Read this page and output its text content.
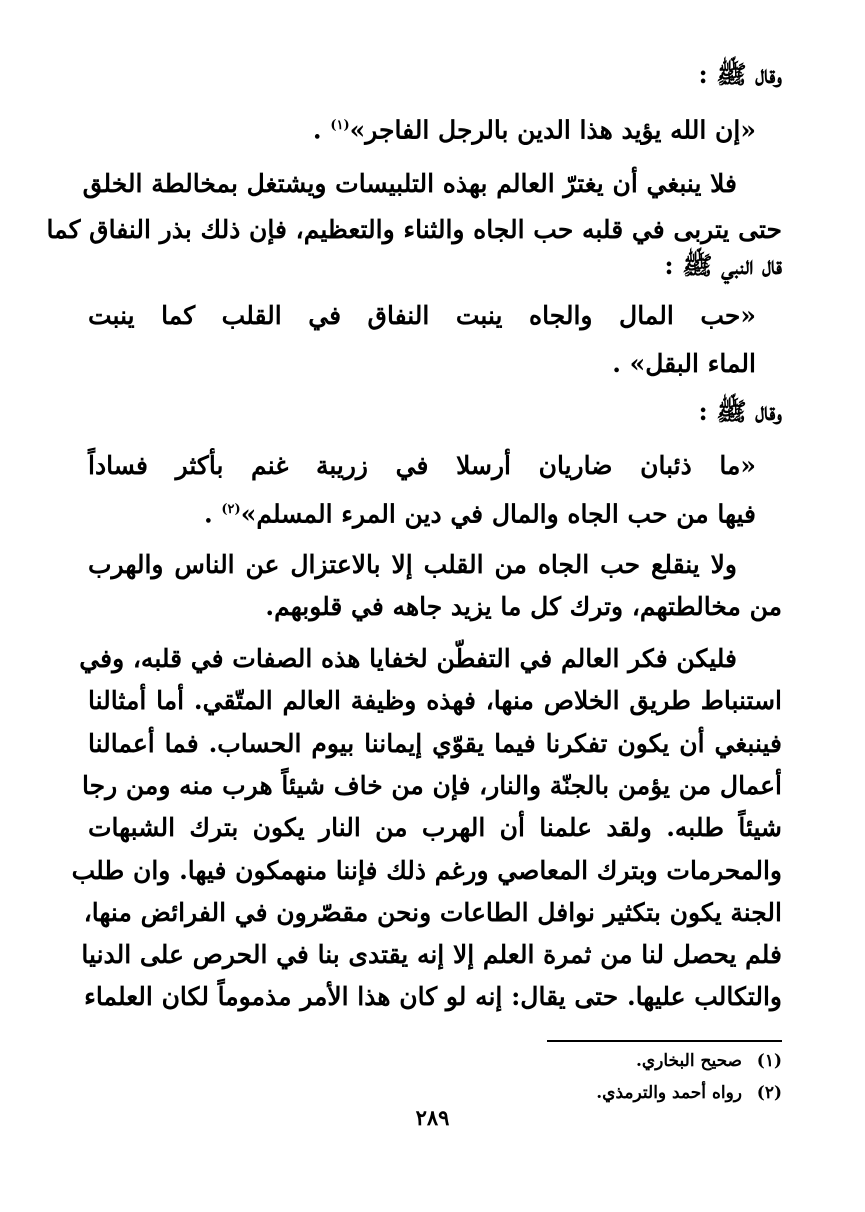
وقال ﷺ :
«إن الله يؤيد هذا الدين بالرجل الفاجر»$^{(١)}$ .
فلا ينبغي أن يغترّ العالم بهذه التلبيسات ويشتغل بمخالطة الخلق
حتى يتربى في قلبه حب الجاه والثناء والتعظيم، فإن ذلك بذر النفاق كما
قال النبي ﷺ :
«حب المال والجاه ينبت النفاق في القلب كما ينبت
الماء البقل» .
وقال ﷺ :
«ما ذئبان ضاريان أرسلا في زريبة غنم بأكثر فساداً
فيها من حب الجاه والمال في دين المرء المسلم»$^{(٢)}$ .
ولا ينقلع حب الجاه من القلب إلا بالاعتزال عن الناس والهرب
من مخالطتهم، وترك كل ما يزيد جاهه في قلوبهم.
فليكن فكر العالم في التفطّن لخفايا هذه الصفات في قلبه، وفي
استنباط طريق الخلاص منها، فهذه وظيفة العالم المتّقي. أما أمثالنا
فينبغي أن يكون تفكرنا فيما يقوّي إيماننا بيوم الحساب. فما أعمالنا
أعمال من يؤمن بالجنّة والنار، فإن من خاف شيئاً هرب منه ومن رجا
شيئاً طلبه. ولقد علمنا أن الهرب من النار يكون بترك الشبهات
والمحرمات وبترك المعاصي ورغم ذلك فإننا منهمكون فيها. وان طلب
الجنة يكون بتكثير نوافل الطاعات ونحن مقصّرون في الفرائض منها،
فلم يحصل لنا من ثمرة العلم إلا إنه يقتدى بنا في الحرص على الدنيا
والتكالب عليها. حتى يقال: إنه لو كان هذا الأمر مذموماً لكان العلماء
(١)صحيح البخاري.
(٢)رواه أحمد والترمذي.
٢٨٩
